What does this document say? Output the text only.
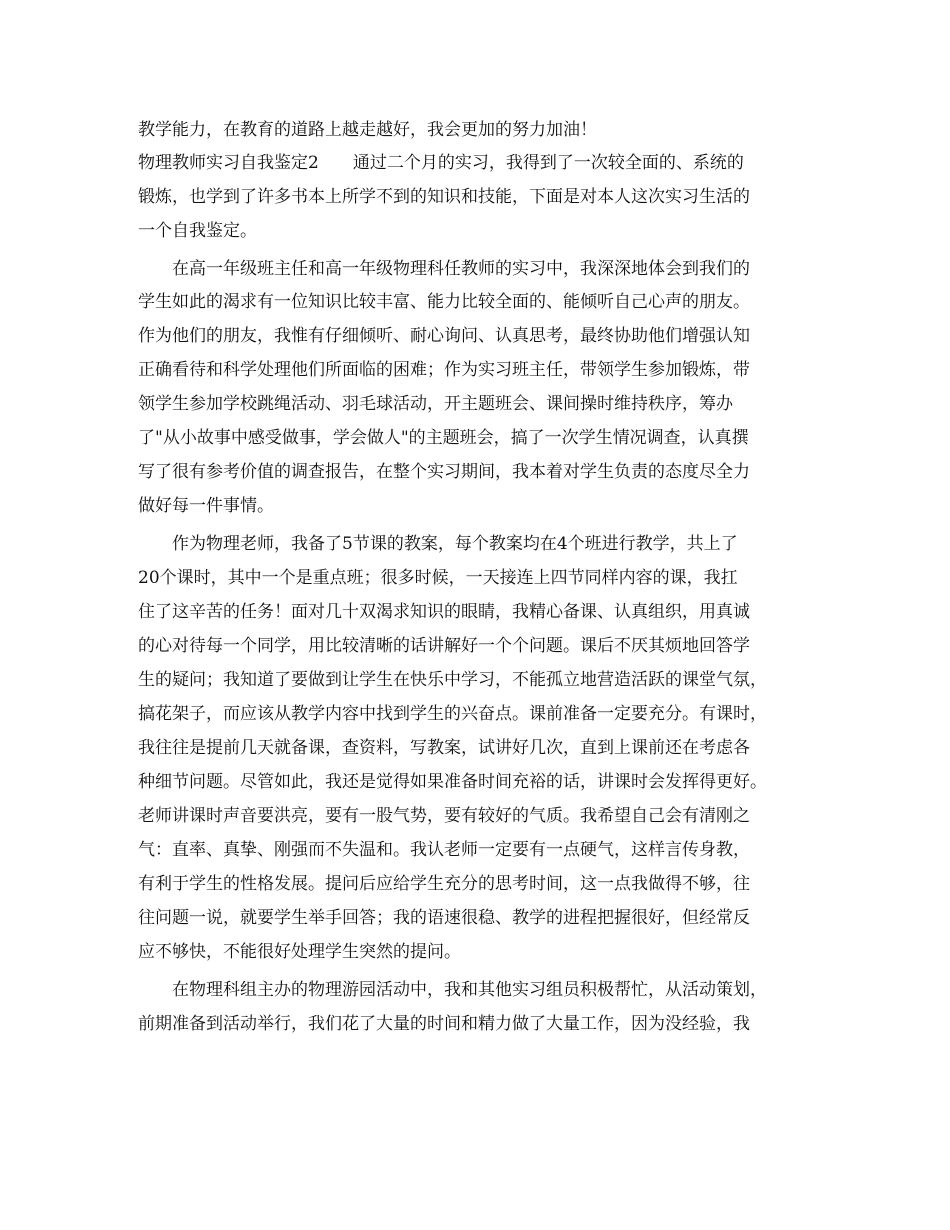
教学能力，在教育的道路上越走越好，我会更加的努力加油！
物理教师实习自我鉴定2　　通过二个月的实习，我得到了一次较全面的、系统的
锻炼，也学到了许多书本上所学不到的知识和技能，下面是对本人这次实习生活的
一个自我鉴定。
　　在高一年级班主任和高一年级物理科任教师的实习中，我深深地体会到我们的
学生如此的渴求有一位知识比较丰富、能力比较全面的、能倾听自己心声的朋友。
作为他们的朋友，我惟有仔细倾听、耐心询问、认真思考，最终协助他们增强认知
正确看待和科学处理他们所面临的困难；作为实习班主任，带领学生参加锻炼，带
领学生参加学校跳绳活动、羽毛球活动，开主题班会、课间操时维持秩序，筹办
了"从小故事中感受做事，学会做人"的主题班会，搞了一次学生情况调查，认真撰
写了很有参考价值的调查报告，在整个实习期间，我本着对学生负责的态度尽全力
做好每一件事情。
　　作为物理老师，我备了5节课的教案，每个教案均在4个班进行教学，共上了
20个课时，其中一个是重点班；很多时候，一天接连上四节同样内容的课，我扛
住了这辛苦的任务！面对几十双渴求知识的眼睛，我精心备课、认真组织，用真诚
的心对待每一个同学，用比较清晰的话讲解好一个个问题。课后不厌其烦地回答学
生的疑问；我知道了要做到让学生在快乐中学习，不能孤立地营造活跃的课堂气氛，
搞花架子，而应该从教学内容中找到学生的兴奋点。课前准备一定要充分。有课时，
我往往是提前几天就备课，查资料，写教案，试讲好几次，直到上课前还在考虑各
种细节问题。尽管如此，我还是觉得如果准备时间充裕的话，讲课时会发挥得更好。
老师讲课时声音要洪亮，要有一股气势，要有较好的气质。我希望自己会有清刚之
气：直率、真挚、刚强而不失温和。我认老师一定要有一点硬气，这样言传身教，
有利于学生的性格发展。提问后应给学生充分的思考时间，这一点我做得不够，往
往问题一说，就要学生举手回答；我的语速很稳、教学的进程把握很好，但经常反
应不够快，不能很好处理学生突然的提问。
　　在物理科组主办的物理游园活动中，我和其他实习组员积极帮忙，从活动策划，
前期准备到活动举行，我们花了大量的时间和精力做了大量工作，因为没经验，我
